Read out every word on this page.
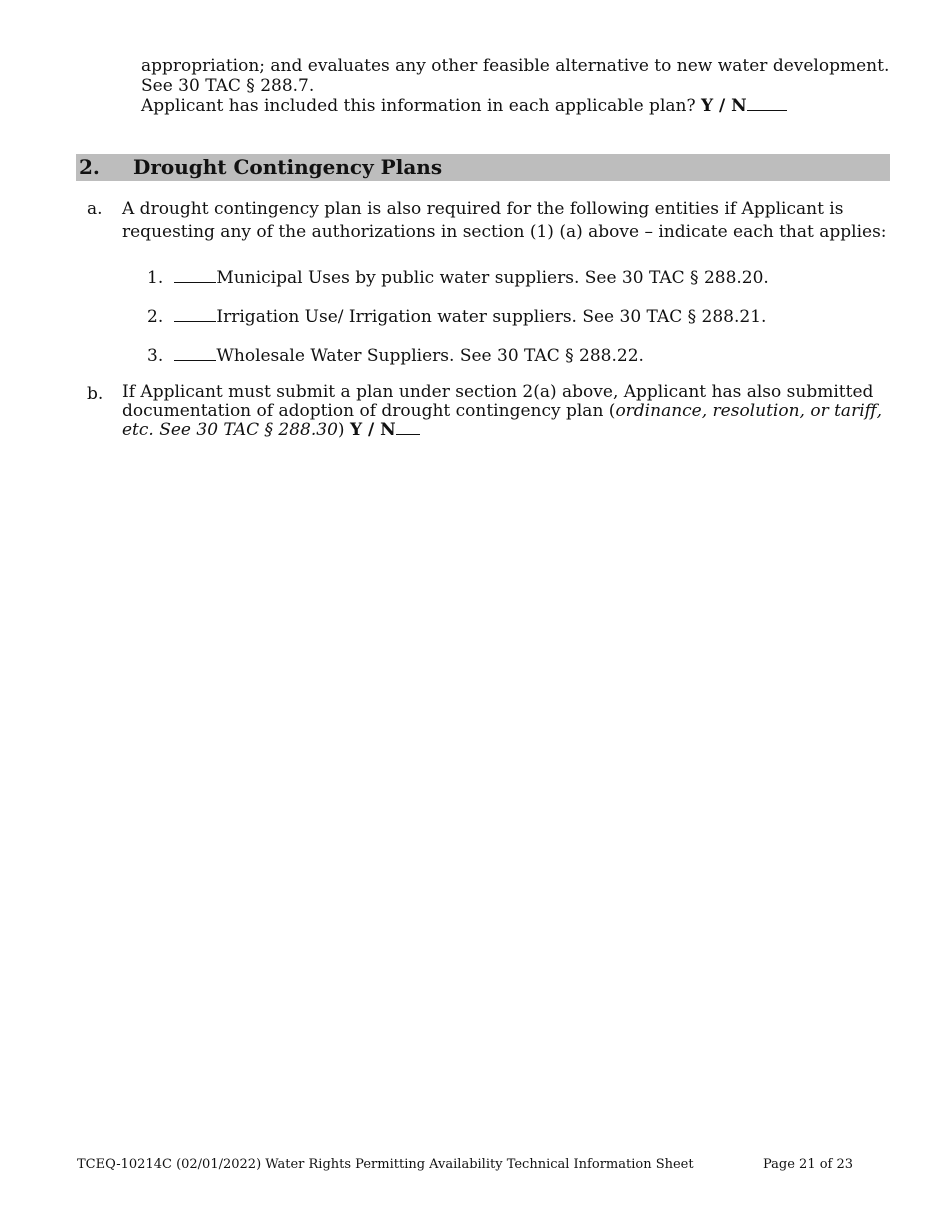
appropriation; and evaluates any other feasible alternative to new water development.
See 30 TAC § 288.7.
Applicant has included this information in each applicable plan? Y / N
2. Drought Contingency Plans
a. A drought contingency plan is also required for the following entities if Applicant is
requesting any of the authorizations in section (1) (a) above – indicate each that applies:
1.	Municipal Uses by public water suppliers. See 30 TAC § 288.20.
2.	Irrigation Use/ Irrigation water suppliers. See 30 TAC § 288.21.
3.	Wholesale Water Suppliers. See 30 TAC § 288.22.
b. If Applicant must submit a plan under section 2(a) above, Applicant has also submitted
documentation of adoption of drought contingency plan (ordinance, resolution, or tariff,
etc. See 30 TAC § 288.30) Y / N
TCEQ-10214C (02/01/2022) Water Rights Permitting Availability Technical Information Sheet	Page 21 of 23
